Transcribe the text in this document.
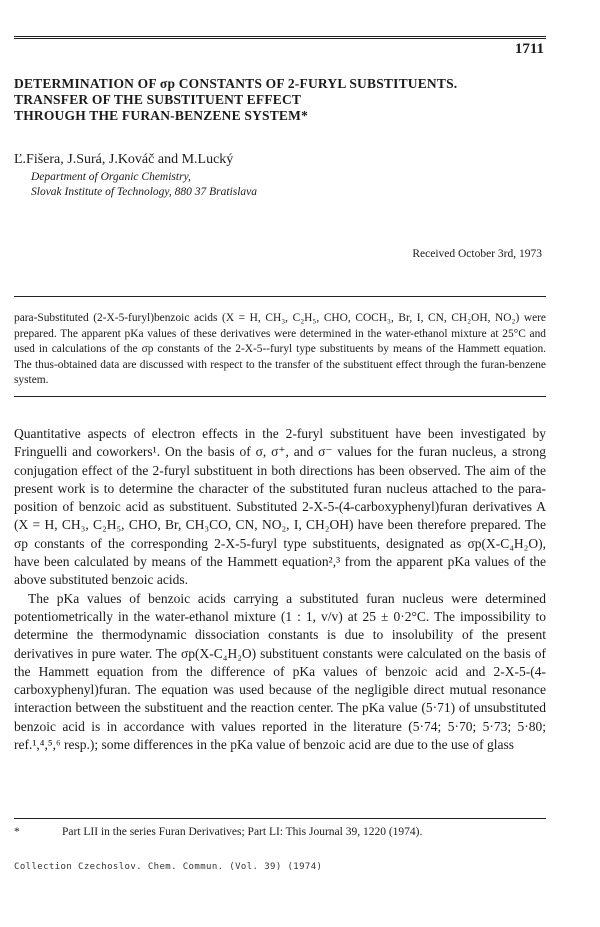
1711
DETERMINATION OF σp CONSTANTS OF 2-FURYL SUBSTITUENTS.
TRANSFER OF THE SUBSTITUENT EFFECT
THROUGH THE FURAN-BENZENE SYSTEM*
Ľ.Fišera, J.Surá, J.Kováč and M.Lucký
Department of Organic Chemistry,
Slovak Institute of Technology, 880 37 Bratislava
Received October 3rd, 1973
para-Substituted (2-X-5-furyl)benzoic acids (X = H, CH₃, C₂H₅, CHO, COCH₃, Br, I, CN, CH₂OH, NO₂) were prepared. The apparent pKa values of these derivatives were determined in the water-ethanol mixture at 25°C and used in calculations of the σp constants of the 2-X-5--furyl type substituents by means of the Hammett equation. The thus-obtained data are discussed with respect to the transfer of the substituent effect through the furan-benzene system.

Quantitative aspects of electron effects in the 2-furyl substituent have been investigated by Fringuelli and coworkers¹. On the basis of σ, σ⁺, and σ⁻ values for the furan nucleus, a strong conjugation effect of the 2-furyl substituent in both directions has been observed. The aim of the present work is to determine the character of the substituted furan nucleus attached to the para-position of benzoic acid as substituent. Substituted 2-X-5-(4-carboxyphenyl)furan derivatives A (X = H, CH₃, C₂H₅, CHO, Br, CH₃CO, CN, NO₂, I, CH₂OH) have been therefore prepared. The σp constants of the corresponding 2-X-5-furyl type substituents, designated as σp(X-C₄H₂O), have been calculated by means of the Hammett equation²,³ from the apparent pKa values of the above substituted benzoic acids.

The pKa values of benzoic acids carrying a substituted furan nucleus were determined potentiometrically in the water-ethanol mixture (1 : 1, v/v) at 25 ± 0·2°C. The impossibility to determine the thermodynamic dissociation constants is due to insolubility of the present derivatives in pure water. The σp(X-C₄H₂O) substituent constants were calculated on the basis of the Hammett equation from the difference of pKa values of benzoic acid and 2-X-5-(4-carboxyphenyl)furan. The equation was used because of the negligible direct mutual resonance interaction between the substituent and the reaction center. The pKa value (5·71) of unsubstituted benzoic acid is in accordance with values reported in the literature (5·74; 5·70; 5·73; 5·80; ref.¹,⁴,⁵,⁶ resp.); some differences in the pKa value of benzoic acid are due to the use of glass

*	Part LII in the series Furan Derivatives; Part LI: This Journal 39, 1220 (1974).
Collection Czechoslov. Chem. Commun. (Vol. 39) (1974)
